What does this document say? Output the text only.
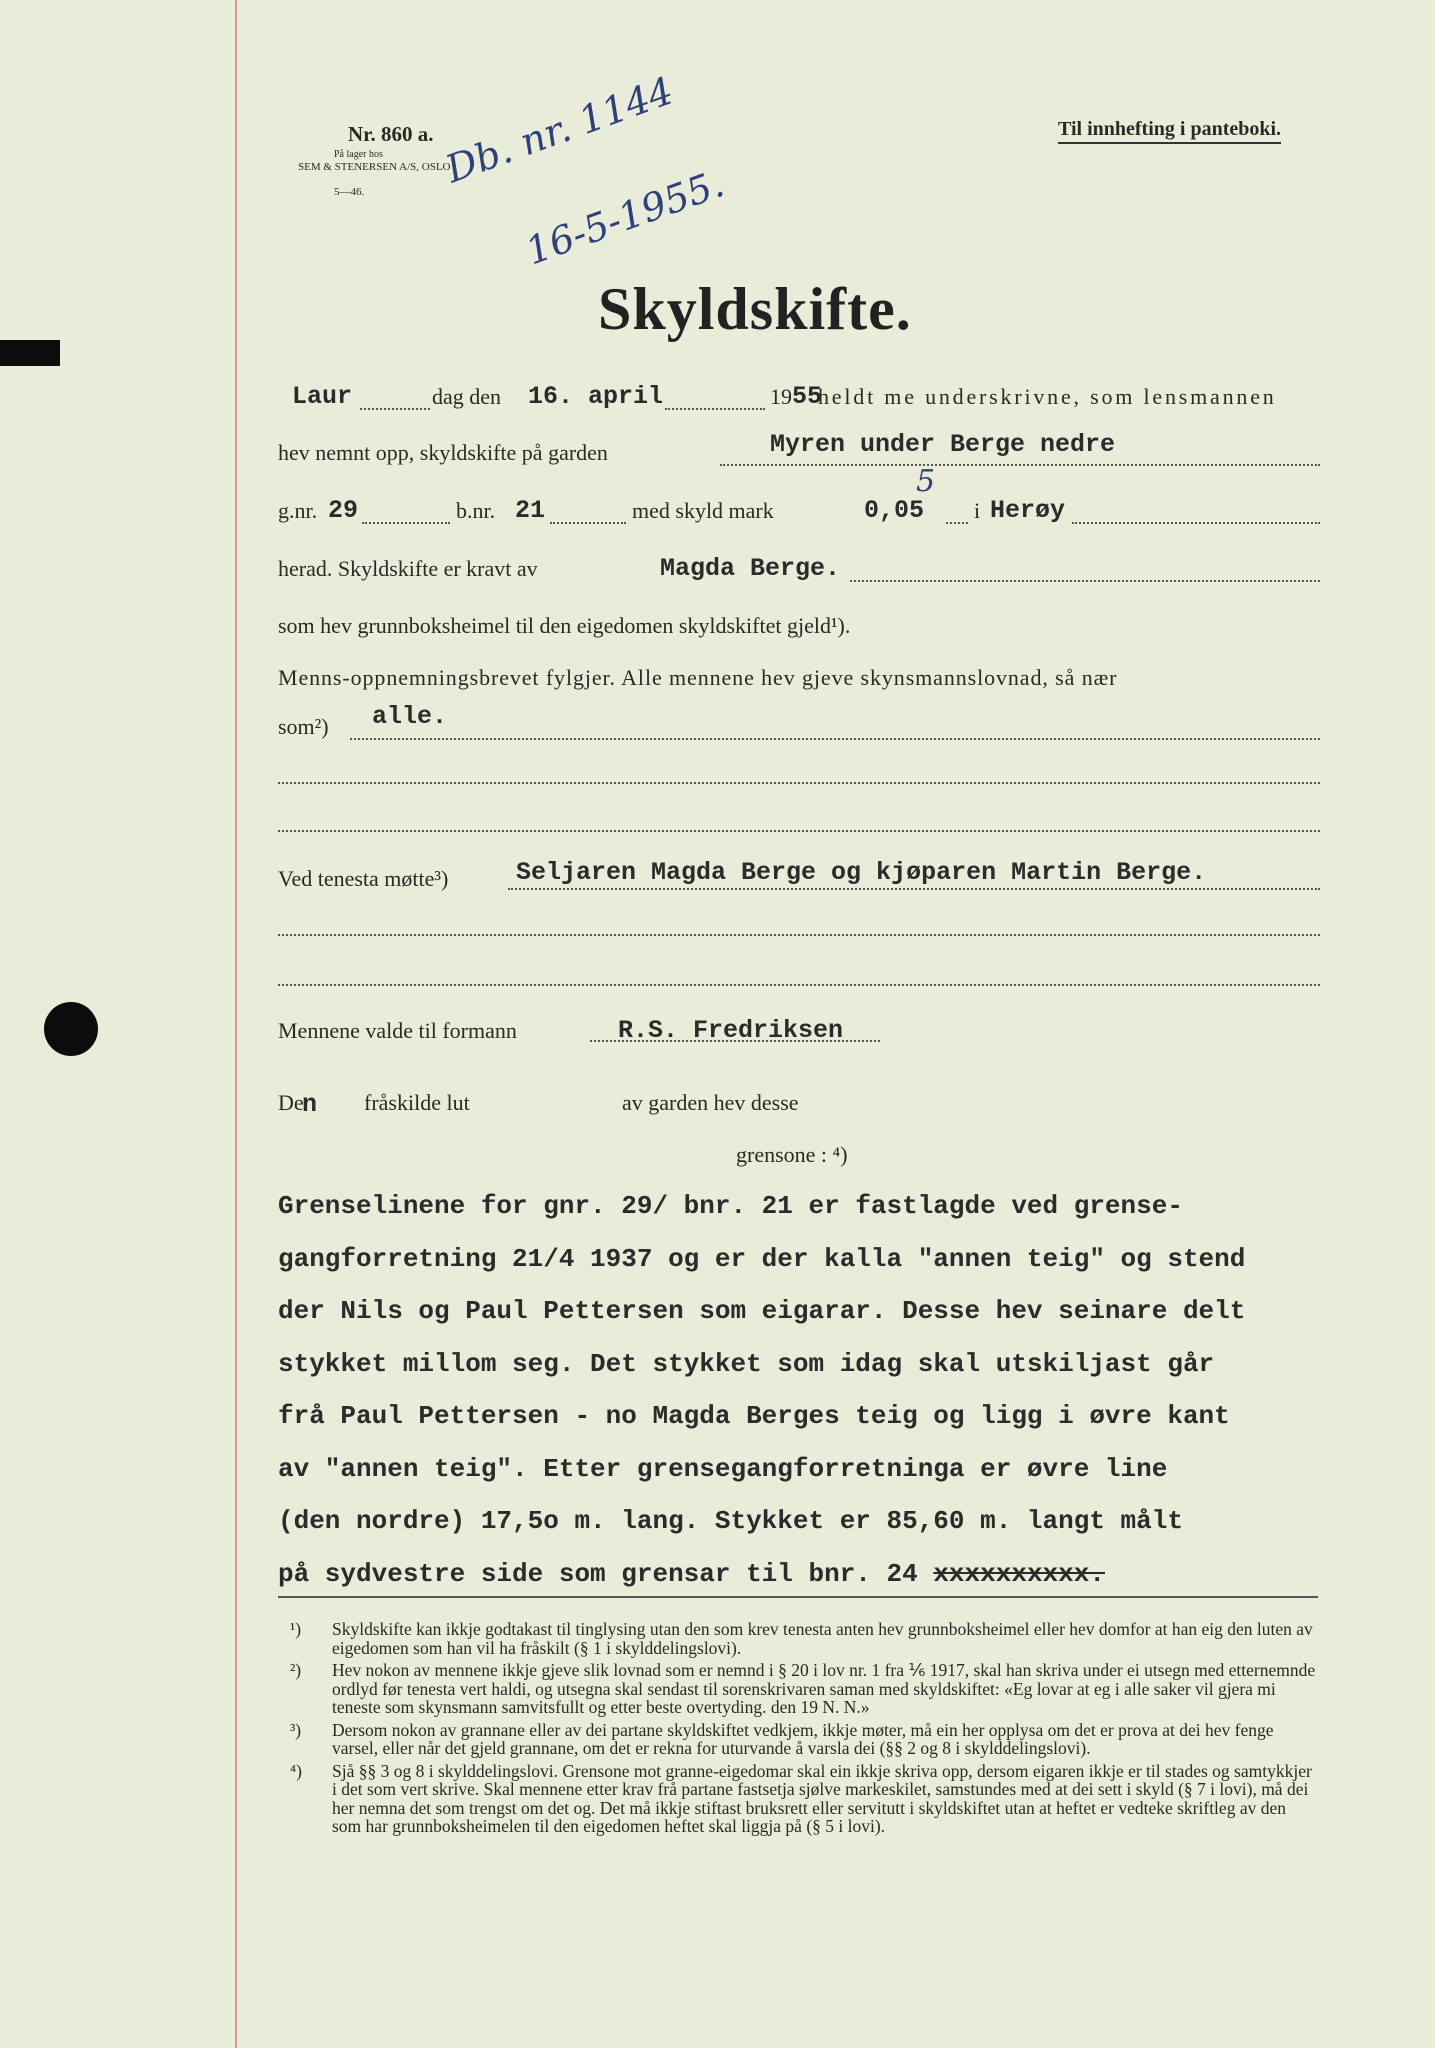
Nr. 860 a.
På lager hos
SEM & STENERSEN A/S, OSLO
5—46.
Til innhefting i panteboki.
Db. nr. 1144
16-5-1955.
Skyldskifte.
Laur	dag den 16. april	19 55
heldt me underskrivne, som lensmannen
hev nemnt opp, skyldskifte på garden	Myren under Berge nedre
g.nr. 29	b.nr. 21	med skyld mark	0,05
5
i Herøy
herad. Skyldskifte er kravt av	Magda Berge.
som hev grunnboksheimel til den eigedomen skyldskiftet gjeld¹).
Menns-oppnemningsbrevet fylgjer. Alle mennene hev gjeve skynsmannslovnad, så nær
som²) alle.
Ved tenesta møtte³)	Seljaren Magda Berge og kjøparen Martin Berge.
Mennene valde til formann	R.S. Fredriksen
De
n fråskilde lut	av garden hev desse
grensone : ⁴)
Grenselinene for gnr. 29/ bnr. 21 er fastlagde ved grense-
gangforretning 21/4 1937 og er der kalla "annen teig" og stend
der Nils og Paul Pettersen som eigarar. Desse hev seinare delt
stykket millom seg. Det stykket som idag skal utskiljast går
frå Paul Pettersen - no Magda Berges teig og ligg i øvre kant
av "annen teig". Etter grensegangforretninga er øvre line
(den nordre) 17,5o m. lang. Stykket er 85,60 m. langt målt
på sydvestre side som grensar til bnr. 24 xxxxxxxxxx.
¹) Skyldskifte kan ikkje godtakast til tinglysing utan den som krev tenesta anten hev grunnboksheimel eller hev domfor at han eig den luten av eigedomen som han vil ha fråskilt (§ 1 i skylddelingslovi).
²) Hev nokon av mennene ikkje gjeve slik lovnad som er nemnd i § 20 i lov nr. 1 fra ⅙ 1917, skal han skriva under ei utsegn med etternemnde ordlyd før tenesta vert haldi, og utsegna skal sendast til sorenskrivaren saman med skyldskiftet: «Eg lovar at eg i alle saker vil gjera mi teneste som skynsmann samvitsfullt og etter beste overtyding. den 19 N. N.»
³) Dersom nokon av grannane eller av dei partane skyldskiftet vedkjem, ikkje møter, må ein her opplysa om det er prova at dei hev fenge varsel, eller når det gjeld grannane, om det er rekna for uturvande å varsla dei (§§ 2 og 8 i skylddelingslovi).
⁴) Sjå §§ 3 og 8 i skylddelingslovi. Grensone mot granne-eigedomar skal ein ikkje skriva opp, dersom eigaren ikkje er til stades og samtykkjer i det som vert skrive. Skal mennene etter krav frå partane fastsetja sjølve markeskilet, samstundes med at dei sett i skyld (§ 7 i lovi), må dei her nemna det som trengst om det og. Det må ikkje stiftast bruksrett eller servitutt i skyldskiftet utan at heftet er vedteke skriftleg av den som har grunnboksheimelen til den eigedomen heftet skal liggja på (§ 5 i lovi).
